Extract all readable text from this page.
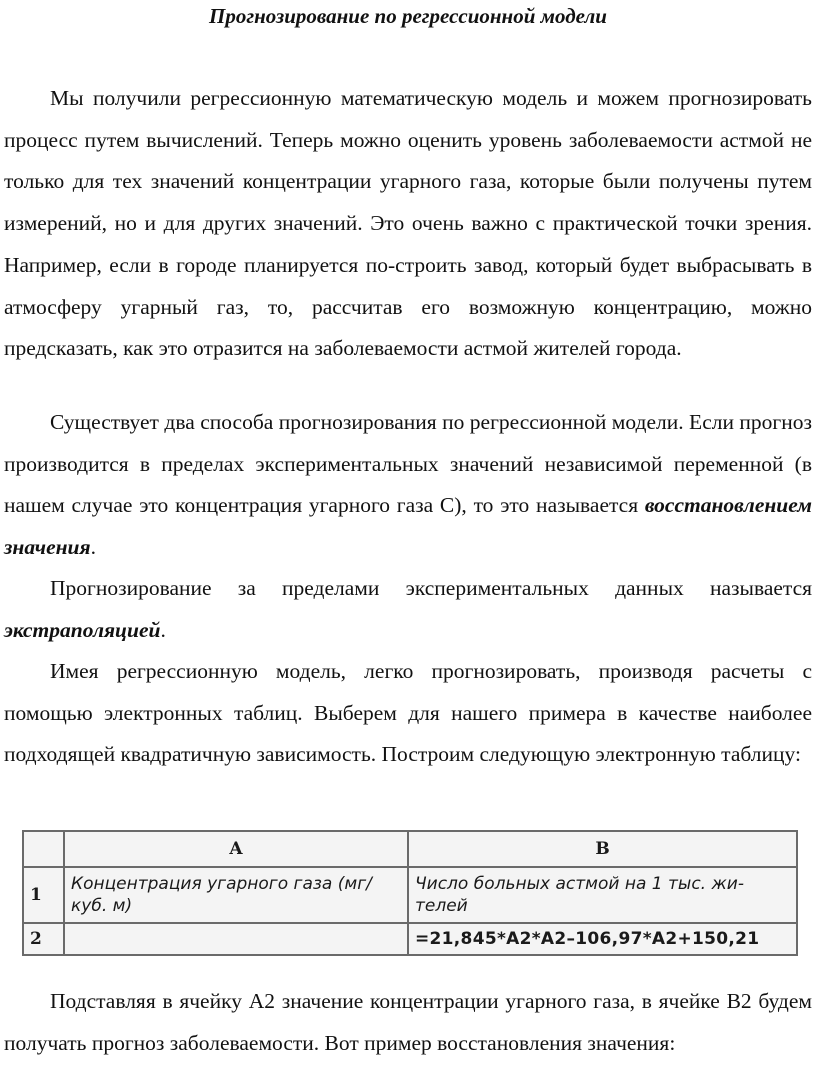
Прогнозирование по регрессионной модели

Мы получили регрессионную математическую модель и можем прогнозировать процесс путем вычислений. Теперь можно оценить уровень заболеваемости астмой не только для тех значений концентрации угарного газа, которые были получены путем измерений, но и для других значений. Это очень важно с практической точки зрения. Например, если в городе планируется по-строить завод, который будет выбрасывать в атмосферу угарный газ, то, рассчитав его возможную концентрацию, можно предсказать, как это отразится на заболеваемости астмой жителей города.

Существует два способа прогнозирования по регрессионной модели. Если прогноз производится в пределах экспериментальных значений независимой переменной (в нашем случае это концентрация угарного газа C), то это называется восстановлением значения.

Прогнозирование за пределами экспериментальных данных называется экстраполяцией.

Имея регрессионную модель, легко прогнозировать, производя расчеты с помощью электронных таблиц. Выберем для нашего примера в качестве наиболее подходящей квадратичную зависимость. Построим следующую электронную таблицу:

	A	B
1	Концентрация угарного газа (мг/куб. м)	Число больных астмой на 1 тыс. жи-телей
2		=21,845*A2*A2–106,97*A2+150,21

Подставляя в ячейку А2 значение концентрации угарного газа, в ячейке В2 будем получать прогноз заболеваемости. Вот пример восстановления значения:
